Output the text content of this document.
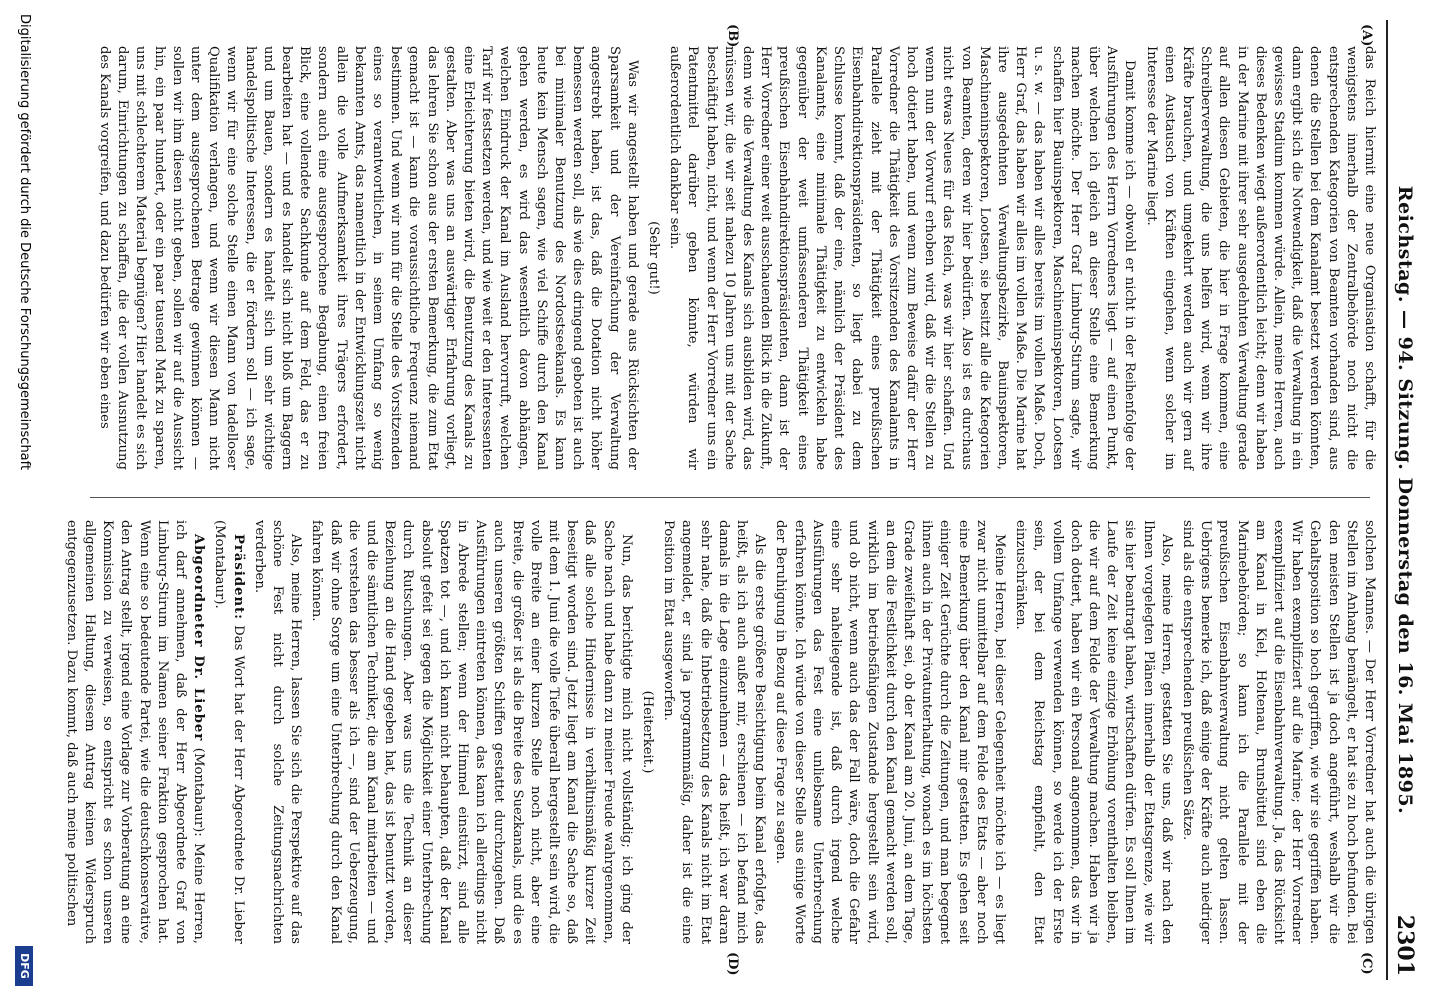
Reichstag. — 94. Sitzung. Donnerstag den 16. Mai 1895.
2301
(A)
(B)
(C)
(D)

das Reich hiermit eine neue Organisation schafft, für die wenigstens innerhalb der Zentralbehörde noch nicht die entsprechenden Kategorien von Beamten vorhanden sind, aus denen die Stellen bei dem Kanalamt besetzt werden könnten, dann ergibt sich die Notwendigkeit, daß die Verwaltung in ein gewisses Stadium kommen würde. Allein, meine Herren, auch dieses Bedenken wiegt außerordentlich leicht; denn wir haben in der Marine mit ihrer sehr ausgedehnten Verwaltung gerade auf allen diesen Gebieten, die hier in Frage kommen, eine Schreiberverwaltung, die uns helfen wird, wenn wir ihre Kräfte brauchen, und umgekehrt werden auch wir gern auf einen Austausch von Kräften eingehen, wenn solcher im Interesse der Marine liegt.

Damit komme ich — obwohl er nicht in der Reihenfolge der Ausführungen des Herrn Vorredners liegt — auf einen Punkt, über welchen ich gleich an dieser Stelle eine Bemerkung machen möchte. Der Herr Graf Limburg-Stirum sagte, wir schaffen hier Bauinspektoren, Maschineninspektoren, Lootsen u. s. w. — das haben wir alles bereits im vollen Maße. Doch, Herr Graf, das haben wir alles im vollen Maße. Die Marine hat ihre ausgedehnten Verwaltungsbezirke, Bauinspektoren, Maschineninspektoren, Lootsen, sie besitzt alle die Kategorien von Beamten, deren wir hier bedürfen. Also ist es durchaus nicht etwas Neues für das Reich, was wir hier schaffen. Und wenn nun der Vorwurf erhoben wird, daß wir die Stellen zu hoch dotiert haben, und wenn zum Beweise dafür der Herr Vorredner die Thätigkeit des Vorsitzenden des Kanalamts in Parallele zieht mit der Thätigkeit eines preußischen Eisenbahndirektionspräsidenten, so liegt dabei zu dem Schlusse kommt, daß der eine, nämlich der Präsident des Kanalamts, eine minimale Thätigkeit zu entwickeln habe gegenüber der weit umfassenderen Thätigkeit eines preußischen Eisenbahndirektionspräsidenten, dann ist der Herr Vorredner einer weit ausschauenden Blick in die Zukunft, denn wie die Verwaltung des Kanals sich ausbilden wird, das müssen wir, die wir seit nahezu 10 Jahren uns mit der Sache beschäftigt haben, nicht, und wenn der Herr Vorredner uns ein Patentmittel darüber geben könnte, würden wir außerordentlich dankbar sein.

(Sehr gut!)

Was wir angestellt haben und gerade aus Rücksichten der Sparsamkeit und der Vereinfachung der Verwaltung angestrebt haben, ist das, daß die Dotation nicht höher bemessen werden soll, als wie dies dringend geboten ist auch bei minimaler Benutzung des Nordostseekanals. Es kann heute kein Mensch sagen, wie viel Schiffe durch den Kanal gehen werden, es wird das wesentlich davon abhängen, welchen Eindruck der Kanal im Ausland hervorruft, welchen Tarif wir festsetzen werden, und wie weit er den Interessenten eine Erleichterung bieten wird, die Benutzung des Kanals zu gestalten. Aber was uns an auswärtiger Erfahrung vorliegt, das lehren Sie schon aus der ersten Bemerkung, die zum Etat gemacht ist — kann die voraussichtliche Frequenz niemand bestimmen. Und wenn wir nun für die Stelle des Vorsitzenden eines so verantwortlichen, in seinem Umfang so wenig bekannten Amts, das namentlich in der Entwicklungszeit nicht allein die volle Aufmerksamkeit ihres Trägers erfordert, sondern auch eine ausgesprochene Begabung, einen freien Blick, eine vollendete Sachkunde auf dem Feld, das er zu bearbeiten hat — und es handelt sich nicht bloß um Baggern und um Bauen, sondern es handelt sich um sehr wichtige handelspolitische Interessen, die er fördern soll — ich sage, wenn wir für eine solche Stelle einen Mann von tadelloser Qualifikation verlangen, und wenn wir diesen Mann nicht unter dem ausgesprochenen Betrage gewinnen können — sollen wir ihm diesen nicht geben, sollen wir auf die Aussicht hin, ein paar hundert, oder ein paar tausend Mark zu sparen, uns mit schlechterem Material begnügen? Hier handelt es sich darum, Einrichtungen zu schaffen, die der vollen Ausnutzung des Kanals vorgreifen, und dazu bedürfen wir eben eines

solchen Mannes. — Der Herr Vorredner hat auch die übrigen Stellen im Anhang bemängelt, er hat sie zu hoch befunden. Bei den meisten Stellen ist ja doch angeführt, weshalb wir die Gehaltsposition so hoch gegriffen, wie wir sie gegriffen haben. Wir haben exemplifiziert auf die Marine; der Herr Vorredner exemplifiziert auf die Eisenbahnverwaltung. Ja, das Rücksicht am Kanal in Kiel, Holtenau, Brunsbüttel sind eben die Marinebehörden; so kann ich die Parallele mit der preußischen Eisenbahnverwaltung nicht gelten lassen. Uebrigens bemerke ich, daß einige der Kräfte auch niedriger sind als die entsprechenden preußischen Sätze.

Also, meine Herren, gestatten Sie uns, daß wir nach den Ihnen vorgelegten Plänen innerhalb der Etatsgrenze, wie wir sie hier beantragt haben, wirtschaften dürfen. Es soll Ihnen im Laufe der Zeit keine einzige Erhöhung vorenthalten bleiben, die wir auf dem Felde der Verwaltung machen. Haben wir ja doch dotiert, haben wir ein Personal angenommen, das wir in vollem Umfange verwenden können, so werde ich der Erste sein, der bei dem Reichstag empfiehlt, den Etat einzuschränken.

Meine Herren, bei dieser Gelegenheit möchte ich — es liegt zwar nicht unmittelbar auf dem Felde des Etats — aber noch eine Bemerkung über den Kanal mir gestatten. Es gehen seit einiger Zeit Gerüchte durch die Zeitungen, und man begegnet ihnen auch in der Privatunterhaltung, wonach es im höchsten Grade zweifelhaft sei, ob der Kanal am 20. Juni, an dem Tage, an dem die Festlichkeit durch den Kanal gemacht werden soll, wirklich im betriebsfähigen Zustande hergestellt sein wird, und ob nicht, wenn auch das der Fall wäre, doch die Gefahr eine sehr naheliegende ist, daß durch irgend welche Ausführungen das Fest eine unliebsame Unterbrechung erfahren könnte. Ich würde von dieser Stelle aus einige Worte der Beruhigung in Bezug auf diese Frage zu sagen.

Als die erste größere Besichtigung beim Kanal erfolgte, das heißt, als ich auch außer mir, erschienen — ich befand mich damals in die Lage einzunehmen — das heißt, ich war daran sehr nahe, daß die Inbetriebsetzung des Kanals nicht im Etat angemeldet, er sind ja programmmäßig, daher ist die eine Position im Etat ausgeworfen.

(Heiterkeit.)

Nun, das berichtigte mich nicht vollständig; ich ging der Sache nach und habe dann zu meiner Freude wahrgenommen, daß alle solche Hindernisse in verhältnismäßig kurzer Zeit beseitigt worden sind. Jetzt liegt am Kanal die Sache so, daß mit dem 1. Juni die volle Tiefe überall hergestellt sein wird, die volle Breite an einer kurzen Stelle noch nicht, aber eine Breite, die größer ist als die Breite des Suezkanals, und die es auch unseren größten Schiffen gestattet durchzugehen. Daß Ausführungen eintreten können, das kann ich allerdings nicht in Abrede stellen; wenn der Himmel einstürzt, sind alle Spatzen tot —, und ich kann nicht behaupten, daß der Kanal absolut gefeit sei gegen die Möglichkeit einer Unterbrechung durch Rutschungen. Aber was uns die Technik an dieser Beziehung an die Hand gegeben hat, das ist benutzt worden, und die sämtlichen Techniker, die am Kanal mitarbeiten — und die verstehen das besser als ich —, sind der Ueberzeugung, daß wir ohne Sorge um eine Unterbrechung durch den Kanal fahren können.

Also, meine Herren, lassen Sie sich die Perspektive auf das schöne Fest nicht durch solche Zeitungsnachrichten verderben.

Präsident: Das Wort hat der Herr Abgeordnete Dr. Lieber (Montabaur).

Abgeordneter Dr. Lieber (Montabaur): Meine Herren, ich darf annehmen, daß der Herr Abgeordnete Graf von Limburg-Stirum im Namen seiner Fraktion gesprochen hat. Wenn eine so bedeutende Partei, wie die deutschkonservative, den Antrag stellt, irgend eine Vorlage zur Vorberatung an eine Kommission zu verweisen, so entspricht es schon unseren allgemeinen Haltung, diesem Antrag keinen Widerspruch entgegenzusetzen. Dazu kommt, daß auch meine politischen

Digitalisierung gefördert durch die Deutsche Forschungsgemeinschaft
DFG
